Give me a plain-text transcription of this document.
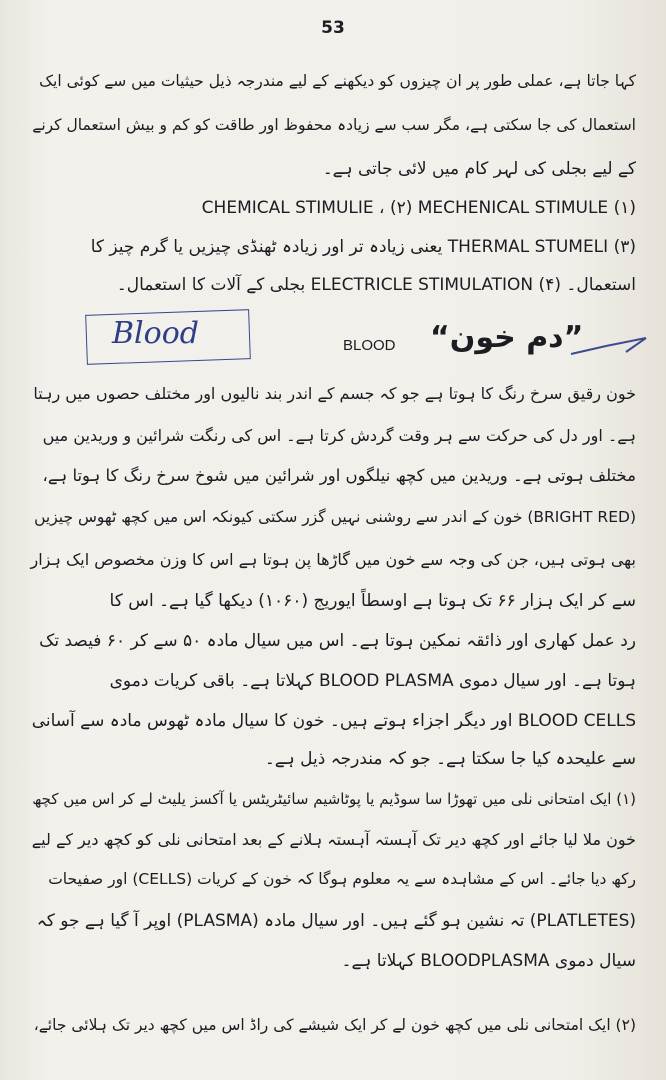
53
کہا جاتا ہے، عملی طور پر ان چیزوں کو دیکھنے کے لیے مندرجہ ذیل حیثیات میں سے کوئی ایک
استعمال کی جا سکتی ہے، مگر سب سے زیادہ محفوظ اور طاقت کو کم و بیش استعمال کرنے
کے لیے بجلی کی لہر کام میں لائی جاتی ہے۔
(۱) CHEMICAL STIMULIE ، (۲) MECHENICAL STIMULE
(۳) THERMAL STUMELI یعنی زیادہ تر اور زیادہ ٹھنڈی چیزیں یا گرم چیز کا
استعمال۔ (۴) ELECTRICLE STIMULATION بجلی کے آلات کا استعمال۔
Blood	BLOOD ”دم خون“
خون رقیق سرخ رنگ کا ہوتا ہے جو کہ جسم کے اندر بند نالیوں اور مختلف حصوں میں رہتا
ہے۔ اور دل کی حرکت سے ہر وقت گردش کرتا ہے۔ اس کی رنگت شرائین و وریدین میں
مختلف ہوتی ہے۔ وریدین میں کچھ نیلگوں اور شرائین میں شوخ سرخ رنگ کا ہوتا ہے،
(BRIGHT RED) خون کے اندر سے روشنی نہیں گزر سکتی کیونکہ اس میں کچھ ٹھوس چیزیں
بھی ہوتی ہیں، جن کی وجہ سے خون میں گاڑھا پن ہوتا ہے اس کا وزن مخصوص ایک ہزار
سے کر ایک ہزار ۶۶ تک ہوتا ہے اوسطاً ایوریج (۱۰۶۰) دیکھا گیا ہے۔ اس کا
رد عمل کھاری اور ذائقہ نمکین ہوتا ہے۔ اس میں سیال مادہ ۵۰ سے کر ۶۰ فیصد تک
ہوتا ہے۔ اور سیال دموی BLOOD PLASMA کہلاتا ہے۔ باقی کریات دموی
BLOOD CELLS اور دیگر اجزاء ہوتے ہیں۔ خون کا سیال مادہ ٹھوس مادہ سے آسانی
سے علیحدہ کیا جا سکتا ہے۔ جو کہ مندرجہ ذیل ہے۔
(۱) ایک امتحانی نلی میں تھوڑا سا سوڈیم یا پوٹاشیم سائیٹریٹس یا آکسز یلیٹ لے کر اس میں کچھ
خون ملا لیا جائے اور کچھ دیر تک آہستہ آہستہ ہلانے کے بعد امتحانی نلی کو کچھ دیر کے لیے
رکھ دیا جائے۔ اس کے مشاہدہ سے یہ معلوم ہوگا کہ خون کے کریات (CELLS) اور صفیحات
(PLATLETES) تہ نشین ہو گئے ہیں۔ اور سیال مادہ (PLASMA) اوپر آ گیا ہے جو کہ
سیال دموی BLOODPLASMA کہلاتا ہے۔
(۲) ایک امتحانی نلی میں کچھ خون لے کر ایک شیشے کی راڈ اس میں کچھ دیر تک ہلائی جائے،
